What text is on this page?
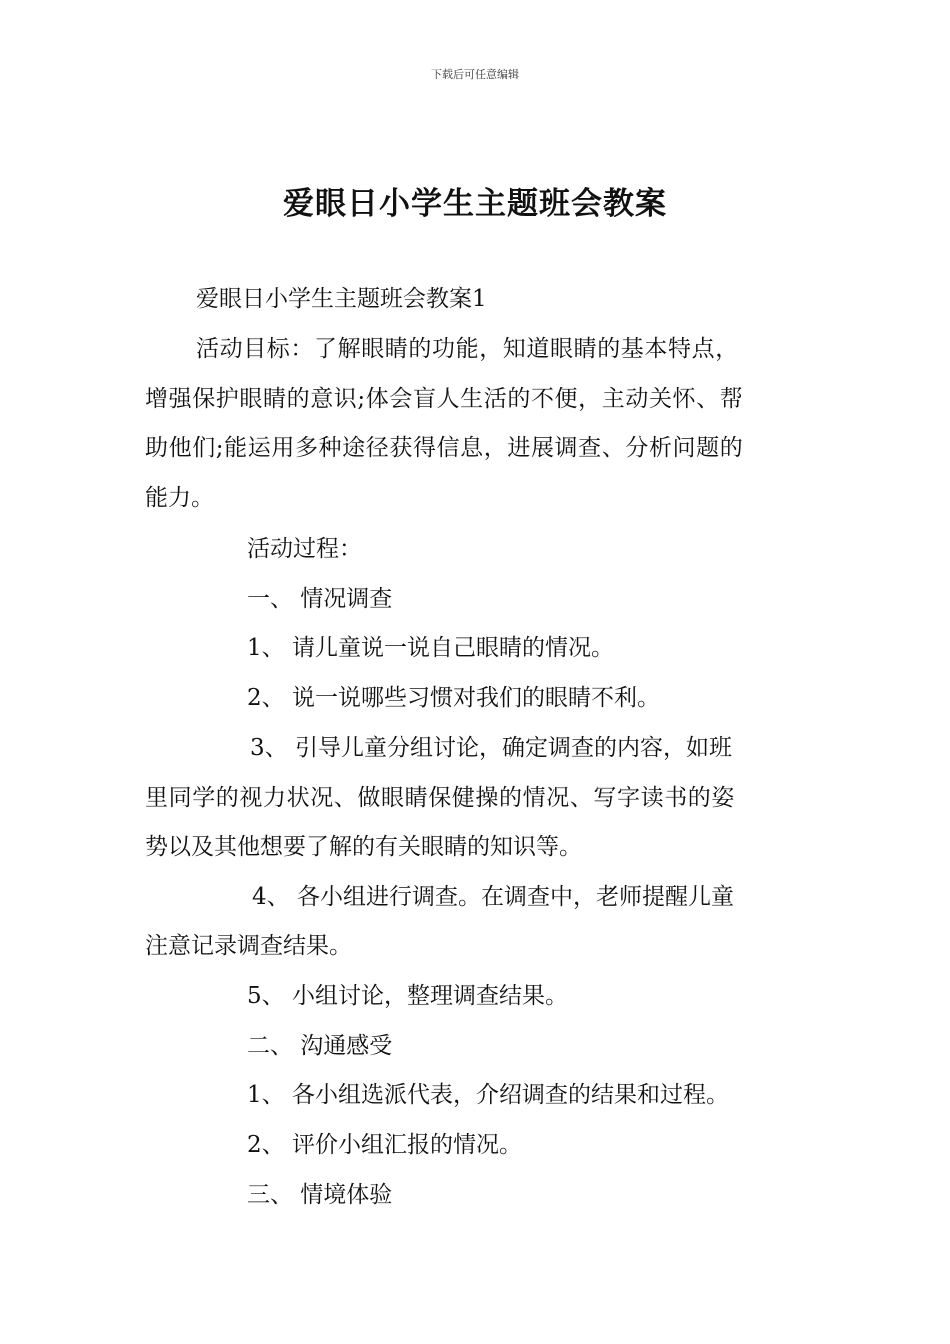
下载后可任意编辑
爱眼日小学生主题班会教案
爱眼日小学生主题班会教案1
活动目标：了解眼睛的功能，知道眼睛的基本特点，
增强保护眼睛的意识;体会盲人生活的不便，主动关怀、帮
助他们;能运用多种途径获得信息，进展调查、分析问题的
能力。
活动过程：
一、 情况调查
1、 请儿童说一说自己眼睛的情况。
2、 说一说哪些习惯对我们的眼睛不利。
3、 引导儿童分组讨论，确定调查的内容，如班
里同学的视力状况、做眼睛保健操的情况、写字读书的姿
势以及其他想要了解的有关眼睛的知识等。
4、 各小组进行调查。在调查中，老师提醒儿童
注意记录调查结果。
5、 小组讨论，整理调查结果。
二、 沟通感受
1、 各小组选派代表，介绍调查的结果和过程。
2、 评价小组汇报的情况。
三、 情境体验
